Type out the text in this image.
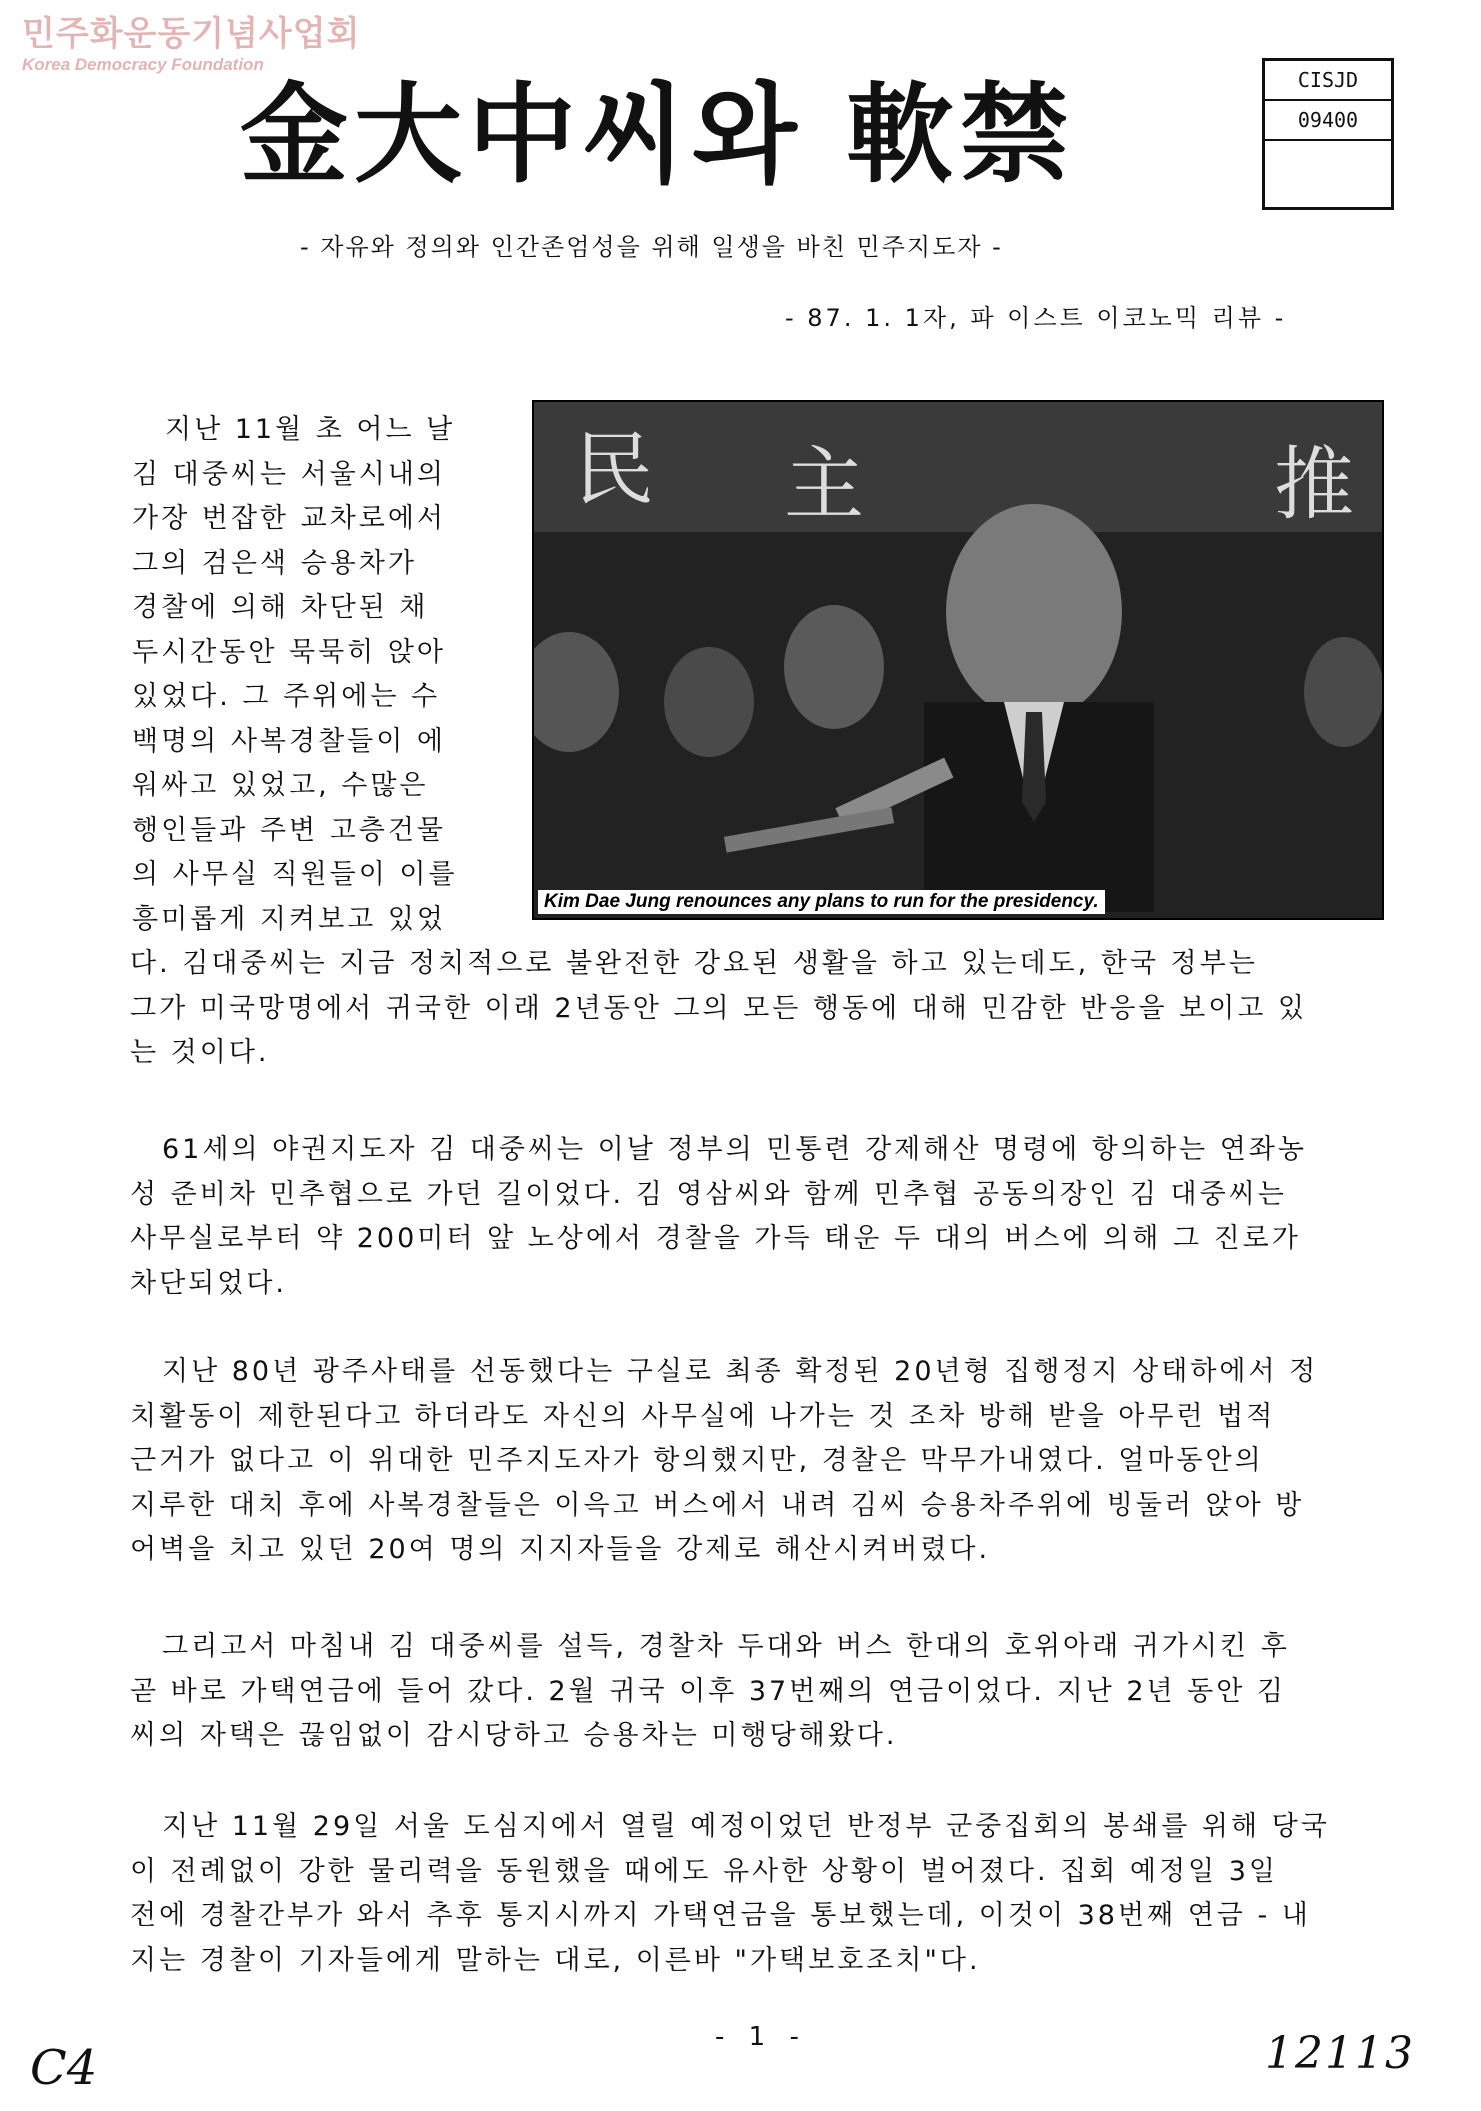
민주화운동기념사업회
Korea Democracy Foundation
CISJD
09400
金大中씨와 軟禁
- 자유와 정의와 인간존엄성을 위해 일생을 바친 민주지도자 -
- 87. 1. 1자, 파 이스트 이코노믹 리뷰 -
民 主	推
Kim Dae Jung renounces any plans to run for the presidency.
지난 11월 초 어느 날
김 대중씨는 서울시내의
가장 번잡한 교차로에서
그의 검은색 승용차가
경찰에 의해 차단된 채
두시간동안 묵묵히 앉아
있었다. 그 주위에는 수
백명의 사복경찰들이 에
워싸고 있었고, 수많은
행인들과 주변 고층건물
의 사무실 직원들이 이를
흥미롭게 지켜보고 있었
다. 김대중씨는 지금 정치적으로 불완전한 강요된 생활을 하고 있는데도, 한국 정부는
그가 미국망명에서 귀국한 이래 2년동안 그의 모든 행동에 대해 민감한 반응을 보이고 있
는 것이다.
61세의 야권지도자 김 대중씨는 이날 정부의 민통련 강제해산 명령에 항의하는 연좌농
성 준비차 민추협으로 가던 길이었다. 김 영삼씨와 함께 민추협 공동의장인 김 대중씨는
사무실로부터 약 200미터 앞 노상에서 경찰을 가득 태운 두 대의 버스에 의해 그 진로가
차단되었다.
지난 80년 광주사태를 선동했다는 구실로 최종 확정된 20년형 집행정지 상태하에서 정
치활동이 제한된다고 하더라도 자신의 사무실에 나가는 것 조차 방해 받을 아무런 법적
근거가 없다고 이 위대한 민주지도자가 항의했지만, 경찰은 막무가내였다. 얼마동안의
지루한 대치 후에 사복경찰들은 이윽고 버스에서 내려 김씨 승용차주위에 빙둘러 앉아 방
어벽을 치고 있던 20여 명의 지지자들을 강제로 해산시켜버렸다.
그리고서 마침내 김 대중씨를 설득, 경찰차 두대와 버스 한대의 호위아래 귀가시킨 후
곧 바로 가택연금에 들어 갔다. 2월 귀국 이후 37번째의 연금이었다. 지난 2년 동안 김
씨의 자택은 끊임없이 감시당하고 승용차는 미행당해왔다.
지난 11월 29일 서울 도심지에서 열릴 예정이었던 반정부 군중집회의 봉쇄를 위해 당국
이 전례없이 강한 물리력을 동원했을 때에도 유사한 상황이 벌어졌다. 집회 예정일 3일
전에 경찰간부가 와서 추후 통지시까지 가택연금을 통보했는데, 이것이 38번째 연금 - 내
지는 경찰이 기자들에게 말하는 대로, 이른바 "가택보호조치"다.
- 1 -
C4	12113
